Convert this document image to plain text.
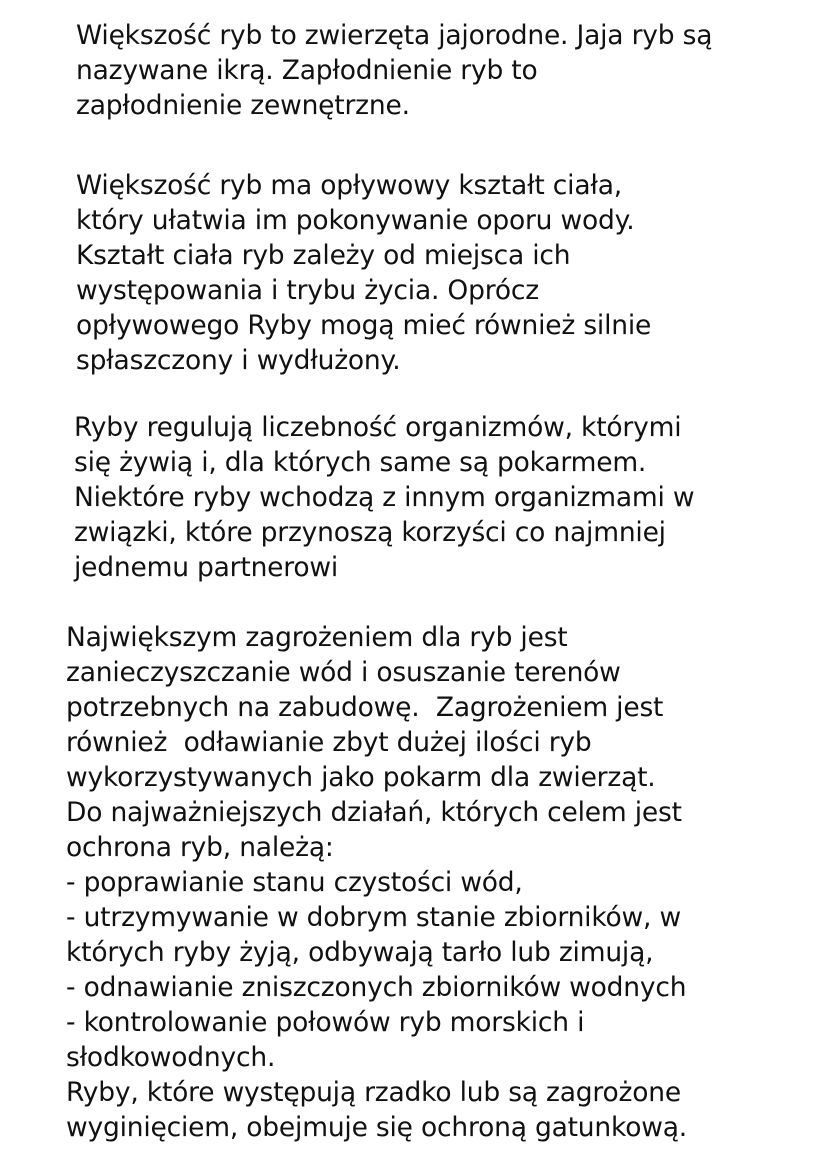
Większość ryb to zwierzęta jajorodne. Jaja ryb są
nazywane ikrą. Zapłodnienie ryb to
zapłodnienie zewnętrzne.
Większość ryb ma opływowy kształt ciała,
który ułatwia im pokonywanie oporu wody.
Kształt ciała ryb zależy od miejsca ich
występowania i trybu życia. Oprócz
opływowego Ryby mogą mieć również silnie
spłaszczony i wydłużony.
Ryby regulują liczebność organizmów, którymi
się żywią i, dla których same są pokarmem.
Niektóre ryby wchodzą z innym organizmami w
związki, które przynoszą korzyści co najmniej
jednemu partnerowi
Największym zagrożeniem dla ryb jest
zanieczyszczanie wód i osuszanie terenów
potrzebnych na zabudowę.  Zagrożeniem jest
również  odławianie zbyt dużej ilości ryb
wykorzystywanych jako pokarm dla zwierząt.
Do najważniejszych działań, których celem jest
ochrona ryb, należą:
- poprawianie stanu czystości wód,
- utrzymywanie w dobrym stanie zbiorników, w
których ryby żyją, odbywają tarło lub zimują,
- odnawianie zniszczonych zbiorników wodnych
- kontrolowanie połowów ryb morskich i
słodkowodnych.
Ryby, które występują rzadko lub są zagrożone
wyginięciem, obejmuje się ochroną gatunkową.
